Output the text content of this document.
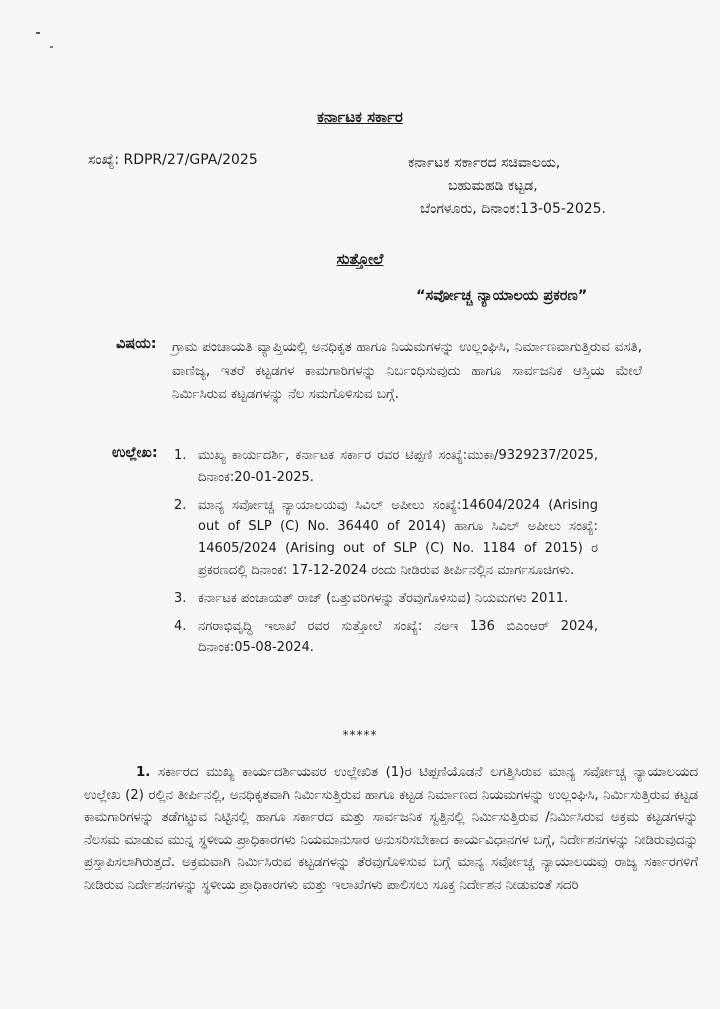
ಕರ್ನಾಟಕ ಸರ್ಕಾರ
ಸಂಖ್ಯೆ: RDPR/27/GPA/2025	ಕರ್ನಾಟಕ ಸರ್ಕಾರದ ಸಚಿವಾಲಯ,
ಬಹುಮಹಡಿ ಕಟ್ಟಡ,
ಬೆಂಗಳೂರು, ದಿನಾಂಕ:13-05-2025.
ಸುತ್ತೋಲೆ
“ಸರ್ವೋಚ್ಚ ನ್ಯಾಯಾಲಯ ಪ್ರಕರಣ”
ವಿಷಯ: ಗ್ರಾಮ ಪಂಚಾಯತಿ ವ್ಯಾಪ್ತಿಯಲ್ಲಿ ಅನಧಿಕೃತ ಹಾಗೂ ನಿಯಮಗಳನ್ನು ಉಲ್ಲಂಘಿಸಿ, ನಿರ್ಮಾಣವಾಗುತ್ತಿರುವ ವಸತಿ, ವಾಣಿಜ್ಯ, ಇತರೆ ಕಟ್ಟಡಗಳ ಕಾಮಗಾರಿಗಳನ್ನು ನಿರ್ಬಂಧಿಸುವುದು ಹಾಗೂ ಸಾರ್ವಜನಿಕ ಆಸ್ತಿಯ ಮೇಲೆ ನಿರ್ಮಿಸಿರುವ ಕಟ್ಟಡಗಳನ್ನು ನೆಲ ಸಮಗೊಳಿಸುವ ಬಗ್ಗೆ.
ಉಲ್ಲೇಖ: 1. ಮುಖ್ಯ ಕಾರ್ಯದರ್ಶಿ, ಕರ್ನಾಟಕ ಸರ್ಕಾರ ರವರ ಟಿಪ್ಪಣಿ ಸಂಖ್ಯೆ:ಮುಕಾ/9329237/2025, ದಿನಾಂಕ:20-01-2025.
2. ಮಾನ್ಯ ಸರ್ವೋಚ್ಚ ನ್ಯಾಯಾಲಯವು ಸಿವಿಲ್ ಅಪೀಲು ಸಂಖ್ಯೆ:14604/2024 (Arising out of SLP (C) No. 36440 of 2014) ಹಾಗೂ ಸಿವಿಲ್ ಅಪೀಲು ಸಂಖ್ಯೆ: 14605/2024 (Arising out of SLP (C) No. 1184 of 2015) ರ ಪ್ರಕರಣದಲ್ಲಿ ದಿನಾಂಕ: 17-12-2024 ರಂದು ನೀಡಿರುವ ತೀರ್ಪಿನಲ್ಲಿನ ಮಾರ್ಗಸೂಚಿಗಳು.
3. ಕರ್ನಾಟಕ ಪಂಚಾಯತ್ ರಾಜ್ (ಒತ್ತುವರಿಗಳನ್ನು ತೆರವುಗೊಳಿಸುವ) ನಿಯಮಗಳು 2011.
4. ನಗರಾಭಿವೃದ್ಧಿ ಇಲಾಖೆ ರವರ ಸುತ್ತೋಲೆ ಸಂಖ್ಯೆ: ನಅಇ 136 ಬಿಎಂಆರ್ 2024, ದಿನಾಂಕ:05-08-2024.
*****
1. ಸರ್ಕಾರದ ಮುಖ್ಯ ಕಾರ್ಯದರ್ಶಿಯವರ ಉಲ್ಲೇಖಿತ (1)ರ ಟಿಪ್ಪಣಿಯೊಡನೆ ಲಗತ್ತಿಸಿರುವ ಮಾನ್ಯ ಸರ್ವೋಚ್ಚ ನ್ಯಾಯಾಲಯದ ಉಲ್ಲೇಖ (2) ರಲ್ಲಿನ ತೀರ್ಪಿನಲ್ಲಿ, ಅನಧಿಕೃತವಾಗಿ ನಿರ್ಮಿಸುತ್ತಿರುವ ಹಾಗೂ ಕಟ್ಟಡ ನಿರ್ಮಾಣದ ನಿಯಮಗಳನ್ನು ಉಲ್ಲಂಘಿಸಿ, ನಿರ್ಮಿಸುತ್ತಿರುವ ಕಟ್ಟಡ ಕಾಮಗಾರಿಗಳನ್ನು ತಡೆಗಟ್ಟುವ ನಿಟ್ಟಿನಲ್ಲಿ ಹಾಗೂ ಸರ್ಕಾರದ ಮತ್ತು ಸಾರ್ವಜನಿಕ ಸ್ವತ್ತಿನಲ್ಲಿ ನಿರ್ಮಿಸುತ್ತಿರುವ /ನಿರ್ಮಿಸಿರುವ ಅಕ್ರಮ ಕಟ್ಟಡಗಳನ್ನು ನೆಲಸಮ ಮಾಡುವ ಮುನ್ನ ಸ್ಥಳೀಯ ಪ್ರಾಧಿಕಾರಗಳು ನಿಯಮಾನುಸಾರ ಅನುಸರಿಸಬೇಕಾದ ಕಾರ್ಯವಿಧಾನಗಳ ಬಗ್ಗೆ, ನಿರ್ದೇಶನಗಳನ್ನು ನೀಡಿರುವುದನ್ನು ಪ್ರಸ್ತಾಪಿಸಲಾಗಿರುತ್ತದೆ. ಅಕ್ರಮವಾಗಿ ನಿರ್ಮಿಸಿರುವ ಕಟ್ಟಡಗಳನ್ನು ತೆರವುಗೊಳಿಸುವ ಬಗ್ಗೆ ಮಾನ್ಯ ಸರ್ವೋಚ್ಚ ನ್ಯಾಯಾಲಯವು ರಾಜ್ಯ ಸರ್ಕಾರಗಳಿಗೆ ನೀಡಿರುವ ನಿರ್ದೇಶನಗಳನ್ನು ಸ್ಥಳೀಯ ಪ್ರಾಧಿಕಾರಗಳು ಮತ್ತು ಇಲಾಖೆಗಳು ಪಾಲಿಸಲು ಸೂಕ್ತ ನಿರ್ದೇಶನ ನೀಡುವಂತೆ ಸದರಿ
